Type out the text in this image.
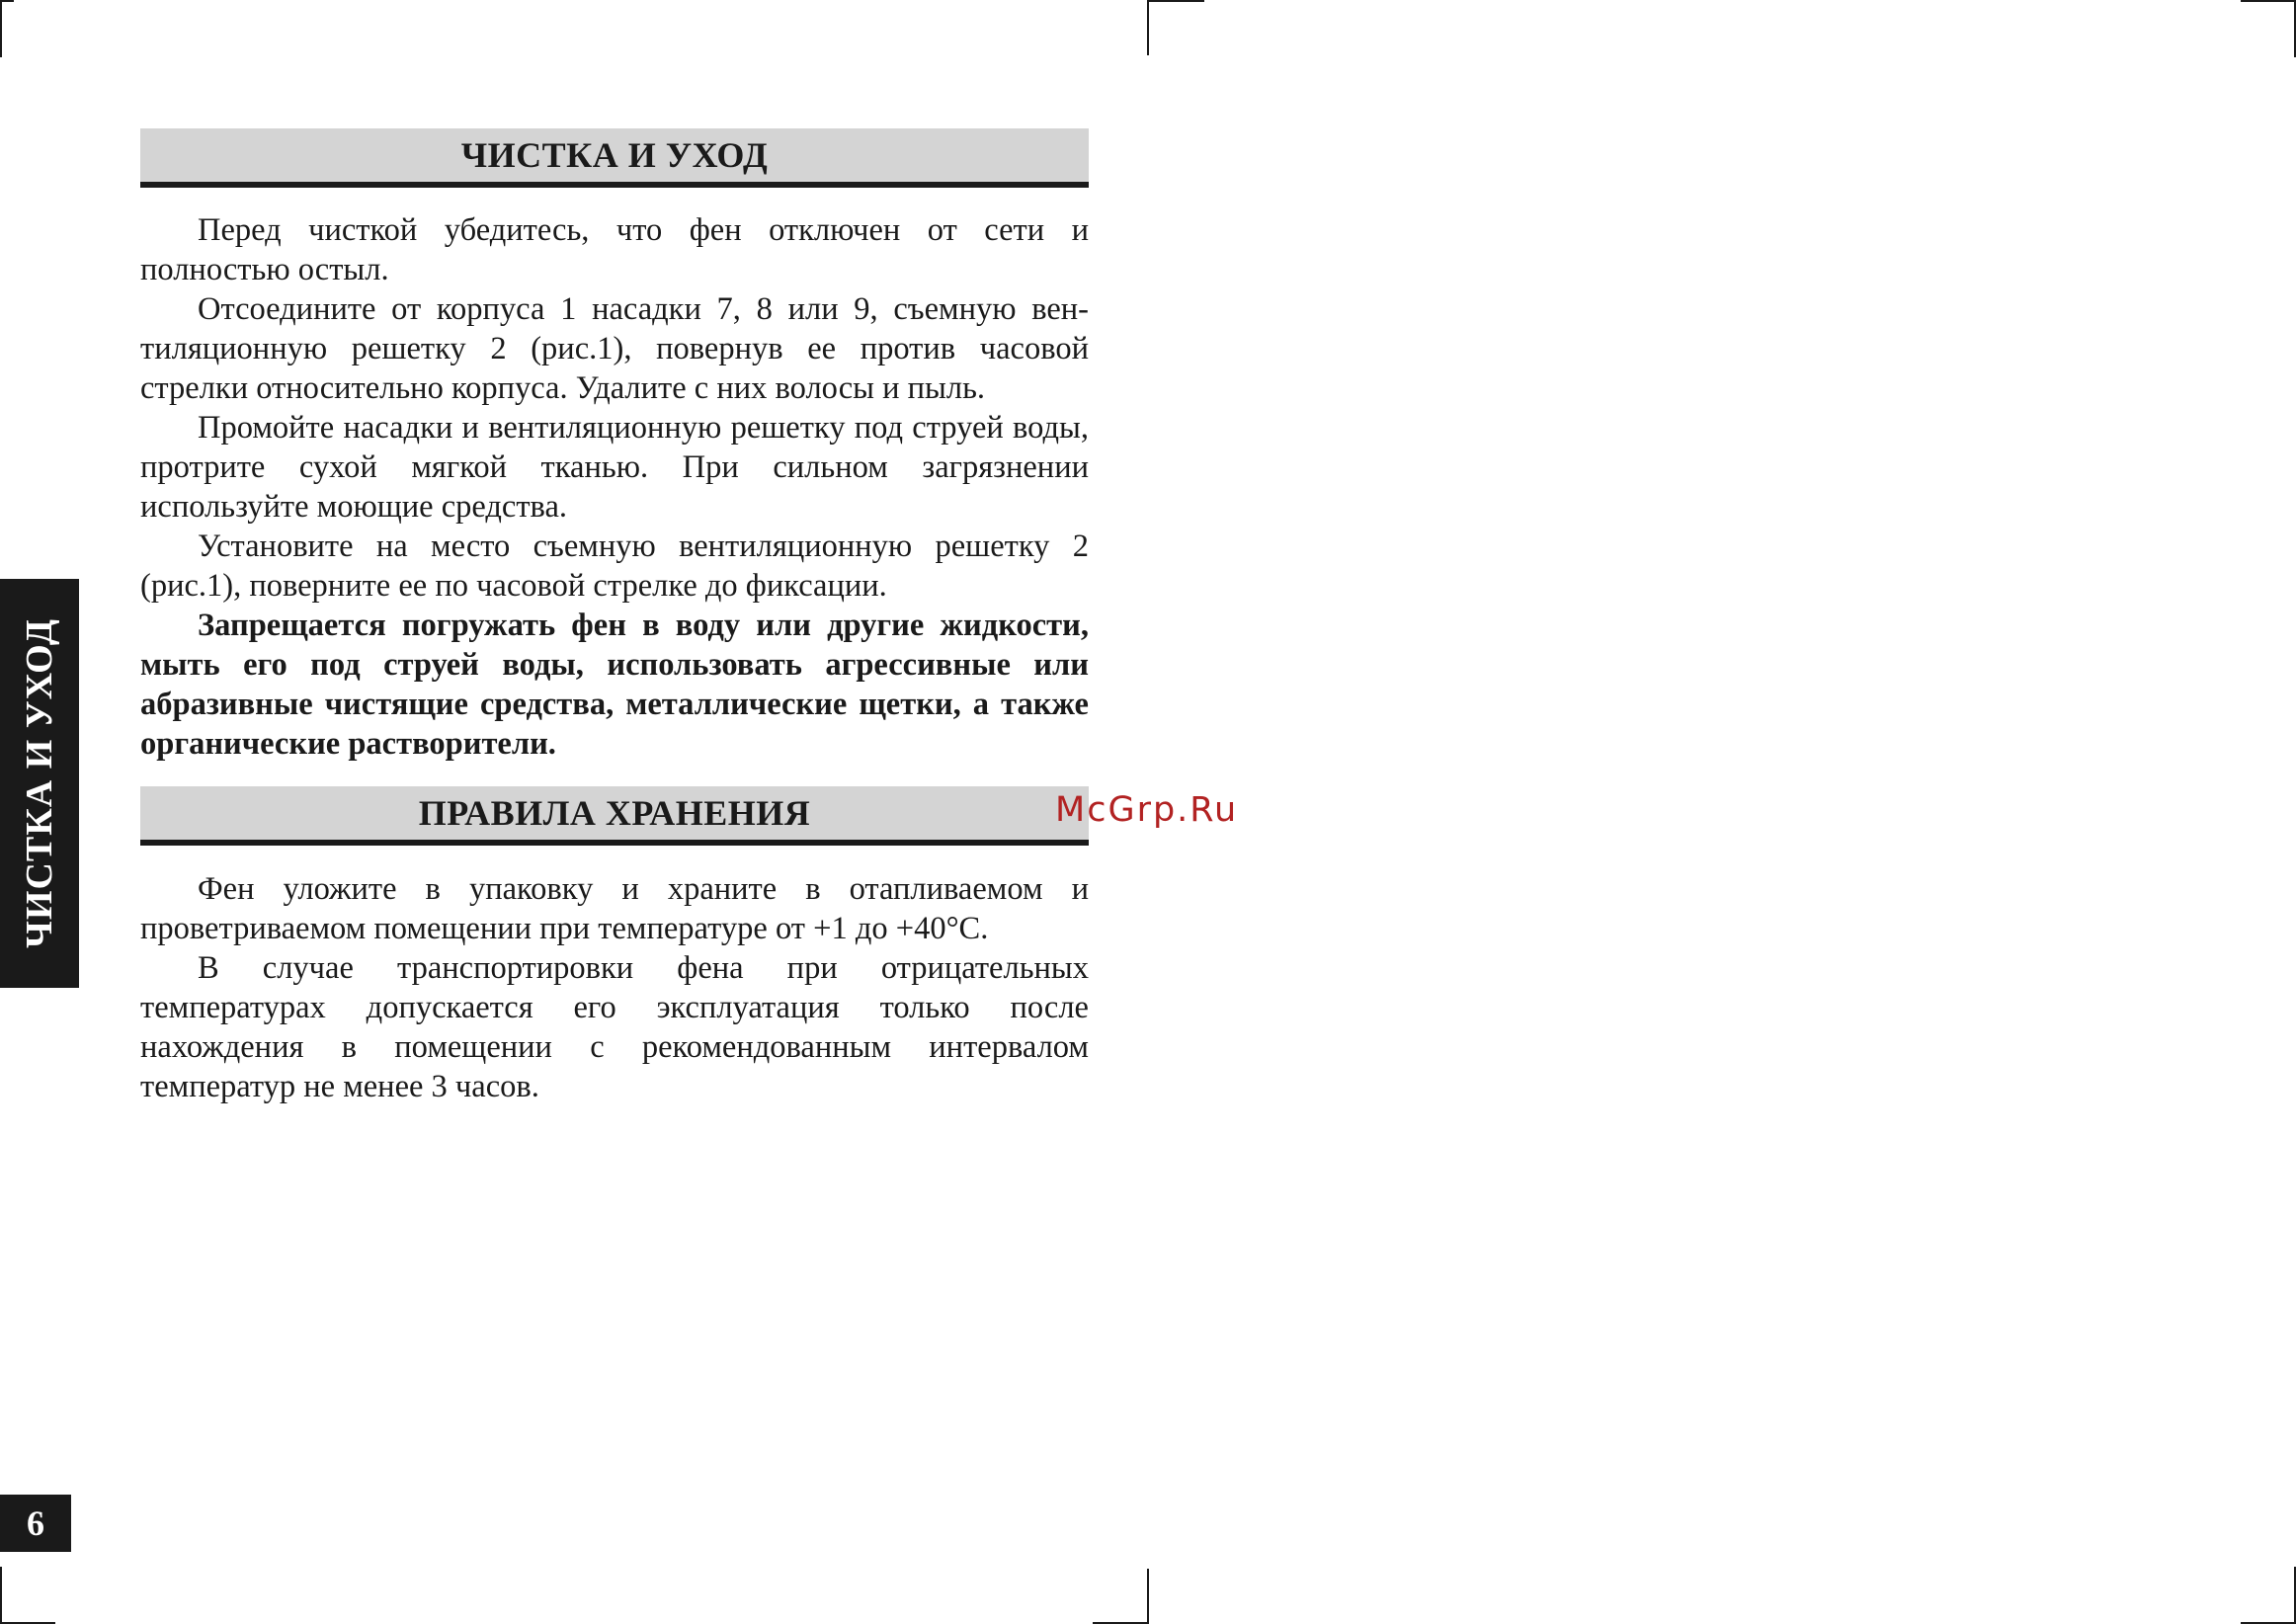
ЧИСТКА И УХОД

Перед чисткой убедитесь, что фен отключен от сети и полностью остыл.

Отсоедините от корпуса 1 насадки 7, 8 или 9, съемную вентиляционную решетку 2 (рис.1), повернув ее против часовой стрелки относительно корпуса. Удалите с них волосы и пыль.

Промойте насадки и вентиляционную решетку под струей воды, протрите сухой мягкой тканью. При сильном загрязнении используйте моющие средства.

Установите на место съемную вентиляционную решетку 2 (рис.1), поверните ее по часовой стрелке до фиксации.

Запрещается погружать фен в воду или другие жидкости, мыть его под струей воды, использовать агрессивные или абразивные чистящие средства, металлические щетки, а также органические растворители.

ПРАВИЛА ХРАНЕНИЯ

Фен уложите в упаковку и храните в отапливаемом и проветриваемом помещении при температуре от +1 до +40°С.

В случае транспортировки фена при отрицательных температурах допускается его эксплуатация только после нахождения в помещении с рекомендованным интервалом температур не менее 3 часов.

ЧИСТКА И УХОД
6
McGrp.Ru
